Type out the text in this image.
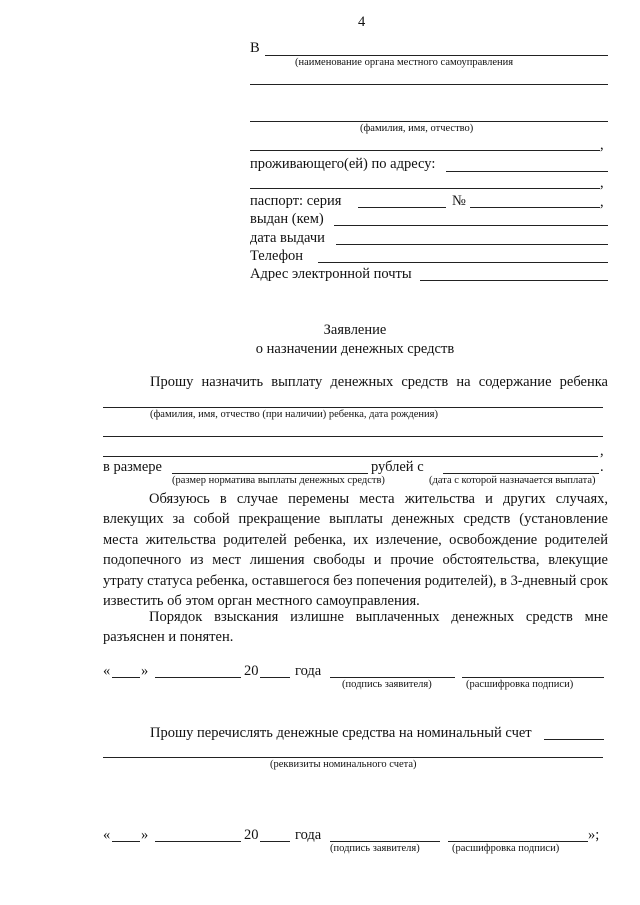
4
В
(наименование органа местного самоуправления
(фамилия, имя, отчество)
,
проживающего(ей) по адресу:
,
паспорт: серия	№	,
выдан (кем)
дата выдачи
Телефон
Адрес электронной почты
Заявление
о назначении денежных средств
Прошу назначить выплату денежных средств на содержание ребенка
(фамилия, имя, отчество (при наличии) ребенка, дата рождения)
,
в размере	рублей с	.
(размер норматива выплаты денежных средств)	(дата с которой назначается выплата)
Обязуюсь в случае перемены места жительства и других случаях, влекущих за собой прекращение выплаты денежных средств (установление места жительства родителей ребенка, их излечение, освобождение родителей подопечного из мест лишения свободы и прочие обстоятельства, влекущие утрату статуса ребенка, оставшегося без попечения родителей), в 3-дневный срок известить об этом орган местного самоуправления.
Порядок взыскания излишне выплаченных денежных средств мне разъяснен и понятен.
« »	20	года
(подпись заявителя)	(расшифровка подписи)
Прошу перечислять денежные средства на номинальный счет
(реквизиты номинального счета)
« »	20	года	»;
(подпись заявителя)	(расшифровка подписи)
